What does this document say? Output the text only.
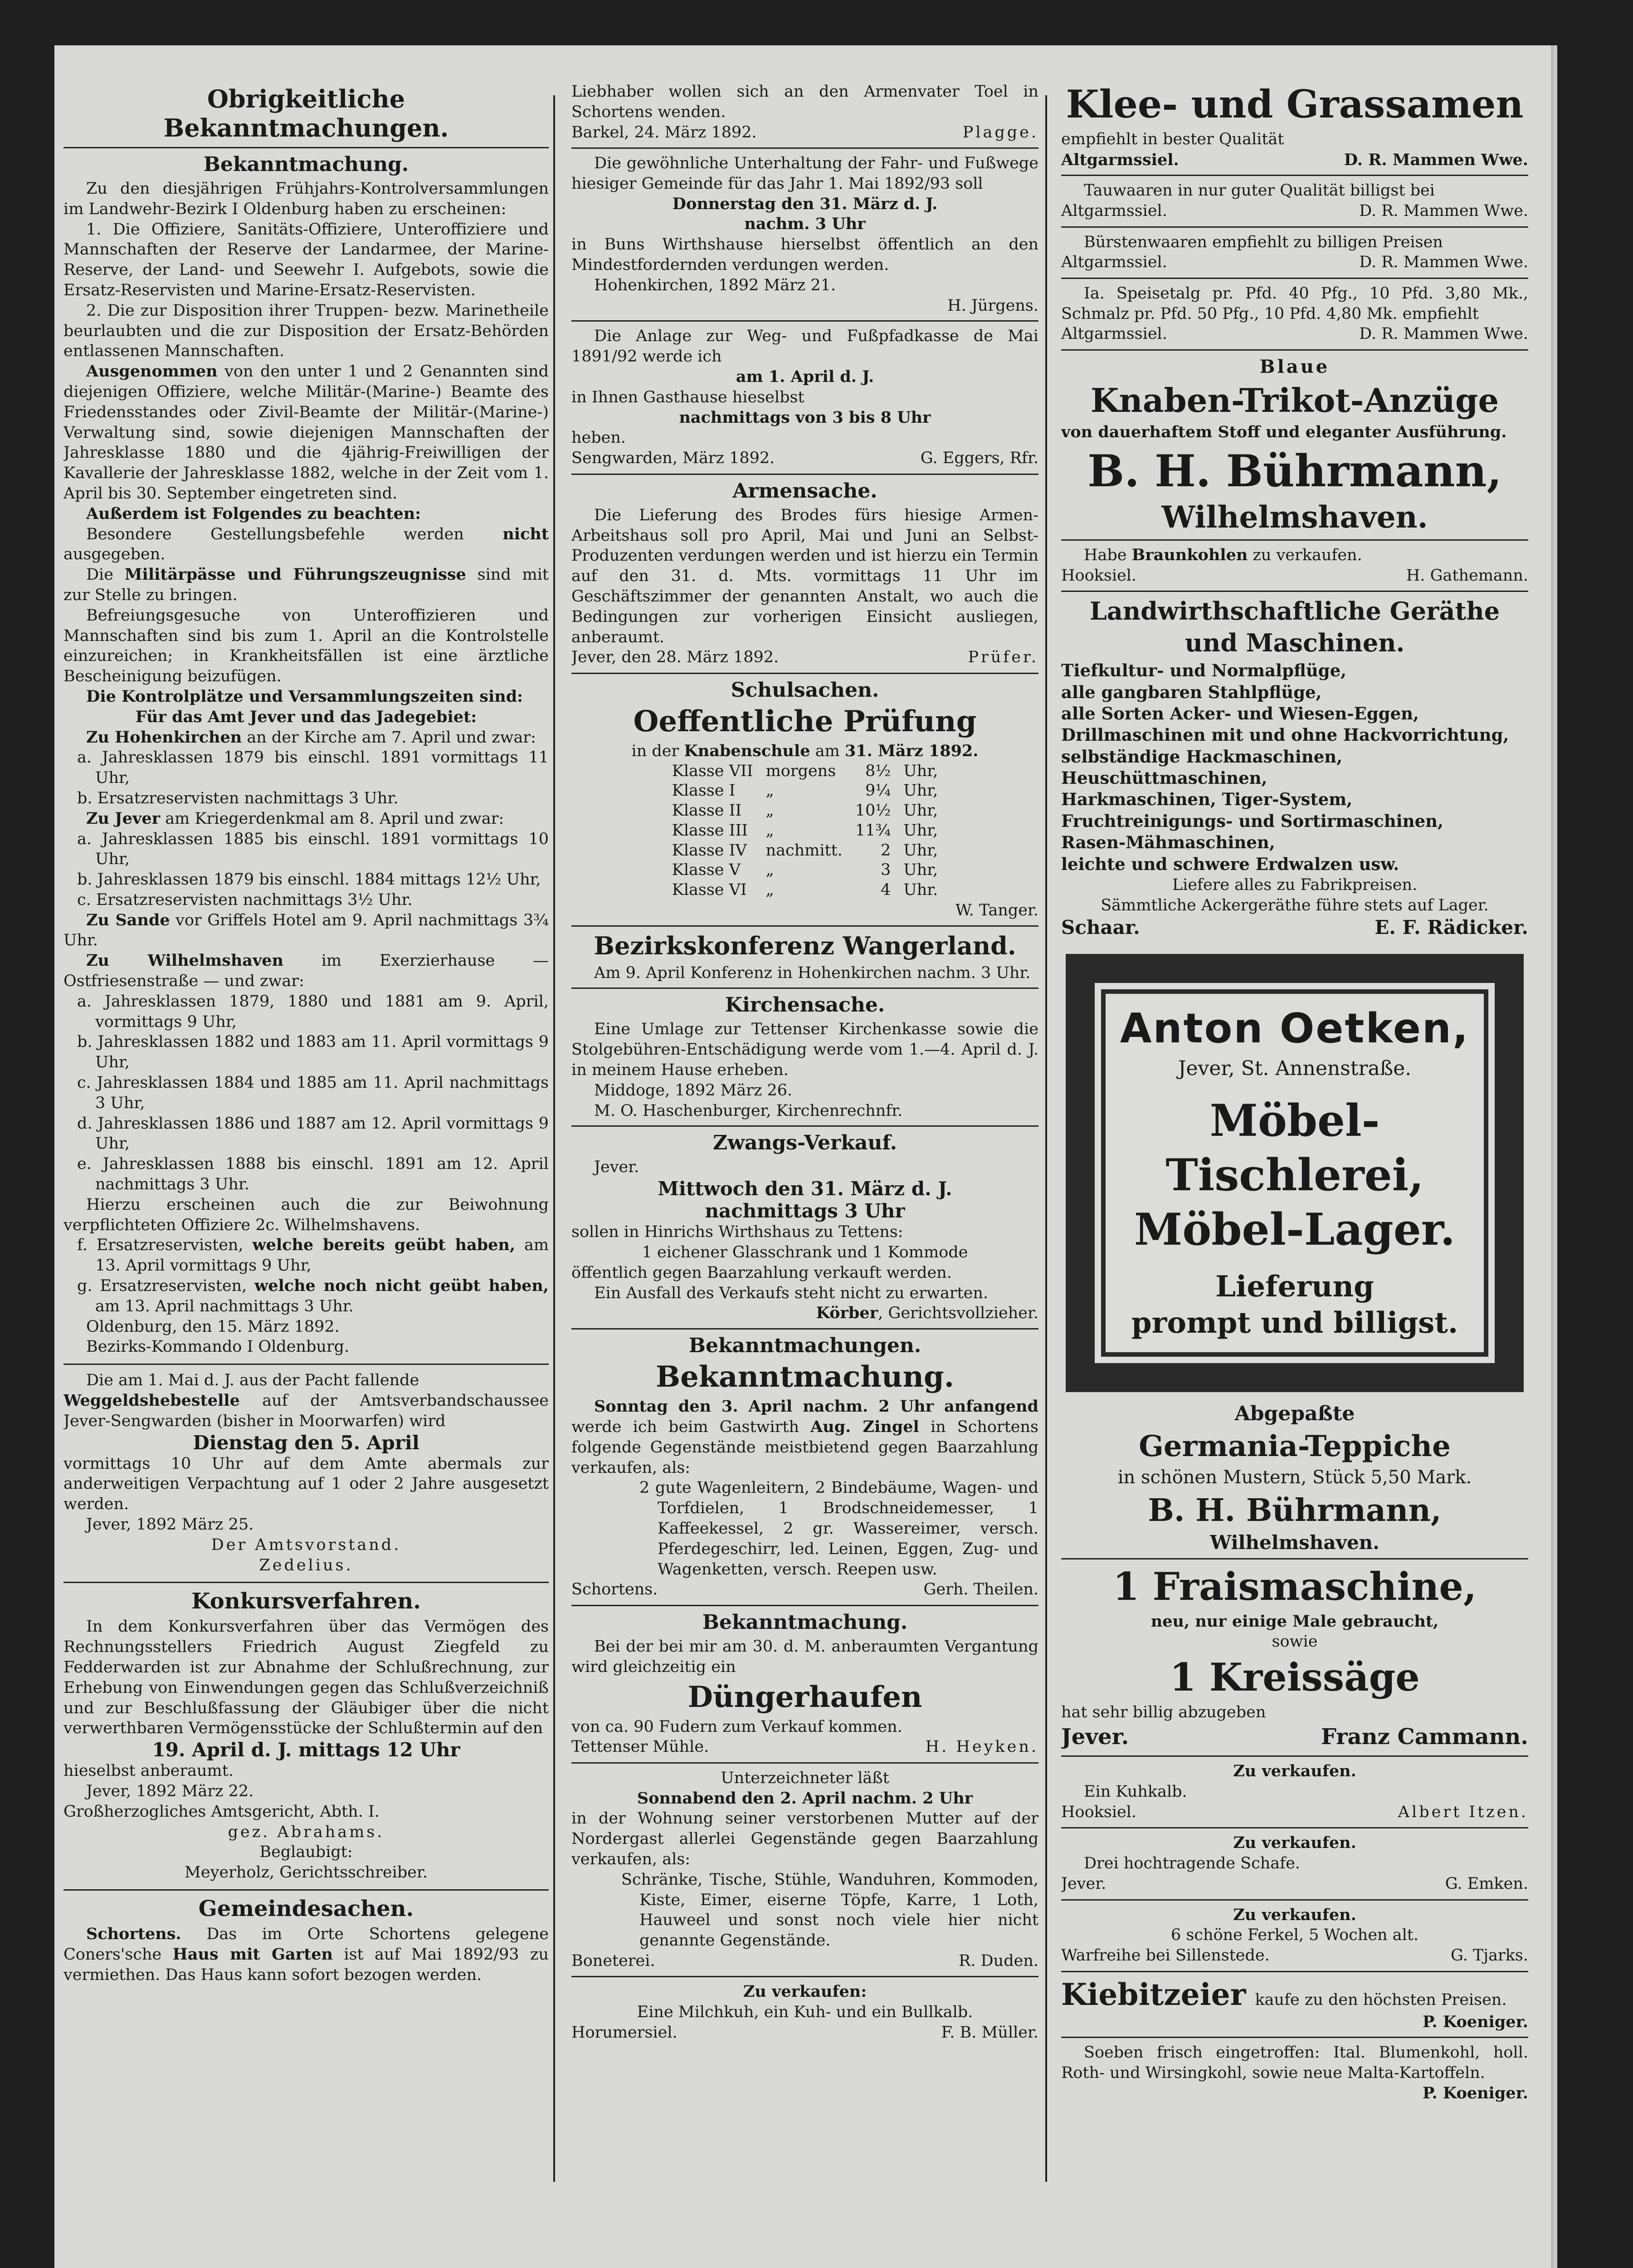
Obrigkeitliche Bekanntmachungen.
Bekanntmachung.

Zu den diesjährigen Frühjahrs-Kontrolversammlungen im Landwehr-Bezirk I Oldenburg haben zu erscheinen:

1. Die Offiziere, Sanitäts-Offiziere, Unteroffiziere und Mannschaften der Reserve der Landarmee, der Marine-Reserve, der Land- und Seewehr I. Aufgebots, sowie die Ersatz-Reservisten und Marine-Ersatz-Reservisten.

2. Die zur Disposition ihrer Truppen- bezw. Marinetheile beurlaubten und die zur Disposition der Ersatz-Behörden entlassenen Mannschaften.

Ausgenommen von den unter 1 und 2 Genannten sind diejenigen Offiziere, welche Militär-(Marine-) Beamte des Friedensstandes oder Zivil-Beamte der Militär-(Marine-) Verwaltung sind, sowie diejenigen Mannschaften der Jahresklasse 1880 und die 4jährig-Freiwilligen der Kavallerie der Jahresklasse 1882, welche in der Zeit vom 1. April bis 30. September eingetreten sind.

Außerdem ist Folgendes zu beachten:

Besondere Gestellungsbefehle werden nicht ausgegeben.

Die Militärpässe und Führungszeugnisse sind mit zur Stelle zu bringen.

Befreiungsgesuche von Unteroffizieren und Mannschaften sind bis zum 1. April an die Kontrolstelle einzureichen; in Krankheitsfällen ist eine ärztliche Bescheinigung beizufügen.

Die Kontrolplätze und Versammlungszeiten sind:

Für das Amt Jever und das Jadegebiet:

Zu Hohenkirchen an der Kirche am 7. April und zwar:

a. Jahresklassen 1879 bis einschl. 1891 vormittags 11 Uhr,

b. Ersatzreservisten nachmittags 3 Uhr.

Zu Jever am Kriegerdenkmal am 8. April und zwar:

a. Jahresklassen 1885 bis einschl. 1891 vormittags 10 Uhr,

b. Jahresklassen 1879 bis einschl. 1884 mittags 12½ Uhr,

c. Ersatzreservisten nachmittags 3½ Uhr.

Zu Sande vor Griffels Hotel am 9. April nachmittags 3¾ Uhr.

Zu Wilhelmshaven im Exerzierhause — Ostfriesenstraße — und zwar:

a. Jahresklassen 1879, 1880 und 1881 am 9. April, vormittags 9 Uhr,

b. Jahresklassen 1882 und 1883 am 11. April vormittags 9 Uhr,

c. Jahresklassen 1884 und 1885 am 11. April nachmittags 3 Uhr,

d. Jahresklassen 1886 und 1887 am 12. April vormittags 9 Uhr,

e. Jahresklassen 1888 bis einschl. 1891 am 12. April nachmittags 3 Uhr.

Hierzu erscheinen auch die zur Beiwohnung verpflichteten Offiziere 2c. Wilhelmshavens.

f. Ersatzreservisten, welche bereits geübt haben, am 13. April vormittags 9 Uhr,

g. Ersatzreservisten, welche noch nicht geübt haben, am 13. April nachmittags 3 Uhr.

Oldenburg, den 15. März 1892.

Bezirks-Kommando I Oldenburg.

Die am 1. Mai d. J. aus der Pacht fallende

Weggeldshebestelle auf der Amtsverbandschaussee Jever-Sengwarden (bisher in Moorwarfen) wird

Dienstag den 5. April

vormittags 10 Uhr auf dem Amte abermals zur anderweitigen Verpachtung auf 1 oder 2 Jahre ausgesetzt werden.

Jever, 1892 März 25.

Der Amtsvorstand.

Zedelius.

Konkursverfahren.

In dem Konkursverfahren über das Vermögen des Rechnungsstellers Friedrich August Ziegfeld zu Fedderwarden ist zur Abnahme der Schlußrechnung, zur Erhebung von Einwendungen gegen das Schlußverzeichniß und zur Beschlußfassung der Gläubiger über die nicht verwerthbaren Vermögensstücke der Schlußtermin auf den

19. April d. J. mittags 12 Uhr

hieselbst anberaumt.

Jever, 1892 März 22.

Großherzogliches Amtsgericht, Abth. I.

gez. Abrahams.

Beglaubigt:

Meyerholz, Gerichtsschreiber.

Gemeindesachen.

Schortens. Das im Orte Schortens gelegene Coners'sche Haus mit Garten ist auf Mai 1892/93 zu vermiethen. Das Haus kann sofort bezogen werden.

Liebhaber wollen sich an den Armenvater Toel in Schortens wenden.

Barkel, 24. März 1892.	Plagge.

Die gewöhnliche Unterhaltung der Fahr- und Fußwege hiesiger Gemeinde für das Jahr 1. Mai 1892/93 soll

Donnerstag den 31. März d. J.

nachm. 3 Uhr

in Buns Wirthshause hierselbst öffentlich an den Mindestfordernden verdungen werden.

Hohenkirchen, 1892 März 21.

H. Jürgens.

Die Anlage zur Weg- und Fußpfadkasse de Mai 1891/92 werde ich

am 1. April d. J.

in Ihnen Gasthause hieselbst

nachmittags von 3 bis 8 Uhr

heben.

Sengwarden, März 1892.	G. Eggers, Rfr.
Armensache.

Die Lieferung des Brodes fürs hiesige Armen-Arbeitshaus soll pro April, Mai und Juni an Selbst-Produzenten verdungen werden und ist hierzu ein Termin auf den 31. d. Mts. vormittags 11 Uhr im Geschäftszimmer der genannten Anstalt, wo auch die Bedingungen zur vorherigen Einsicht ausliegen, anberaumt.

Jever, den 28. März 1892.	Prüfer.
Schulsachen.
Oeffentliche Prüfung

in der Knabenschule am 31. März 1892.

Klasse VII	morgens	8½	Uhr,
Klasse I	„	9¼	Uhr,
Klasse II	„	10½	Uhr,
Klasse III	„	11¾	Uhr,
Klasse IV	nachmitt.	2	Uhr,
Klasse V	„	3	Uhr,
Klasse VI	„	4	Uhr.

W. Tanger.

Bezirkskonferenz Wangerland.

Am 9. April Konferenz in Hohenkirchen nachm. 3 Uhr.

Kirchensache.

Eine Umlage zur Tettenser Kirchenkasse sowie die Stolgebühren-Entschädigung werde vom 1.—4. April d. J. in meinem Hause erheben.

Middoge, 1892 März 26.

M. O. Haschenburger, Kirchenrechnfr.

Zwangs-Verkauf.

Jever.

Mittwoch den 31. März d. J.
nachmittags 3 Uhr

sollen in Hinrichs Wirthshaus zu Tettens:

1 eichener Glasschrank und 1 Kommode

öffentlich gegen Baarzahlung verkauft werden.

Ein Ausfall des Verkaufs steht nicht zu erwarten.

Körber, Gerichtsvollzieher.

Bekanntmachungen.
Bekanntmachung.

Sonntag den 3. April nachm. 2 Uhr anfangend werde ich beim Gastwirth Aug. Zingel in Schortens folgende Gegenstände meistbietend gegen Baarzahlung verkaufen, als:

2 gute Wagenleitern, 2 Bindebäume, Wagen- und Torfdielen, 1 Brodschneidemesser, 1 Kaffeekessel, 2 gr. Wassereimer, versch. Pferdegeschirr, led. Leinen, Eggen, Zug- und Wagenketten, versch. Reepen usw.

Schortens.	Gerh. Theilen.
Bekanntmachung.

Bei der bei mir am 30. d. M. anberaumten Vergantung wird gleichzeitig ein

Düngerhaufen

von ca. 90 Fudern zum Verkauf kommen.

Tettenser Mühle.	H. Heyken.

Unterzeichneter läßt

Sonnabend den 2. April nachm. 2 Uhr

in der Wohnung seiner verstorbenen Mutter auf der Nordergast allerlei Gegenstände gegen Baarzahlung verkaufen, als:

Schränke, Tische, Stühle, Wanduhren, Kommoden, Kiste, Eimer, eiserne Töpfe, Karre, 1 Loth, Hauweel und sonst noch viele hier nicht genannte Gegenstände.

Boneterei.	R. Duden.

Zu verkaufen:

Eine Milchkuh, ein Kuh- und ein Bullkalb.

Horumersiel.	F. B. Müller.
Klee- und Grassamen

empfiehlt in bester Qualität

Altgarmssiel.	D. R. Mammen Wwe.

Tauwaaren in nur guter Qualität billigst bei

Altgarmssiel.	D. R. Mammen Wwe.

Bürstenwaaren empfiehlt zu billigen Preisen

Altgarmssiel.	D. R. Mammen Wwe.

Ia. Speisetalg pr. Pfd. 40 Pfg., 10 Pfd. 3,80 Mk., Schmalz pr. Pfd. 50 Pfg., 10 Pfd. 4,80 Mk. empfiehlt

Altgarmssiel.	D. R. Mammen Wwe.

Blaue

Knaben-Trikot-Anzüge

von dauerhaftem Stoff und eleganter Ausführung.

B. H. Bührmann,
Wilhelmshaven.

Habe Braunkohlen zu verkaufen.

Hooksiel.	H. Gathemann.
Landwirthschaftliche Geräthe
und Maschinen.

Tiefkultur- und Normalpflüge,

alle gangbaren Stahlpflüge,

alle Sorten Acker- und Wiesen-Eggen,

Drillmaschinen mit und ohne Hackvorrichtung,

selbständige Hackmaschinen,

Heuschüttmaschinen,

Harkmaschinen, Tiger-System,

Fruchtreinigungs- und Sortirmaschinen,

Rasen-Mähmaschinen,

leichte und schwere Erdwalzen usw.

Liefere alles zu Fabrikpreisen.

Sämmtliche Ackergeräthe führe stets auf Lager.

Schaar.	E. F. Rädicker.
Anton Oetken,
Jever, St. Annenstraße.
Möbel-Tischlerei,
Möbel-Lager.
Lieferung
prompt und billigst.

Abgepaßte

Germania-Teppiche

in schönen Mustern, Stück 5,50 Mark.

B. H. Bührmann,
Wilhelmshaven.
1 Fraismaschine,

neu, nur einige Male gebraucht,

sowie

1 Kreissäge

hat sehr billig abzugeben

Jever.	Franz Cammann.

Zu verkaufen.

Ein Kuhkalb.

Hooksiel.	Albert Itzen.

Zu verkaufen.

Drei hochtragende Schafe.

Jever.	G. Emken.

Zu verkaufen.

6 schöne Ferkel, 5 Wochen alt.

Warfreihe bei Sillenstede.	G. Tjarks.
Kiebitzeier kaufe zu den höchsten Preisen.

P. Koeniger.

Soeben frisch eingetroffen: Ital. Blumenkohl, holl. Roth- und Wirsingkohl, sowie neue Malta-Kartoffeln.

P. Koeniger.
